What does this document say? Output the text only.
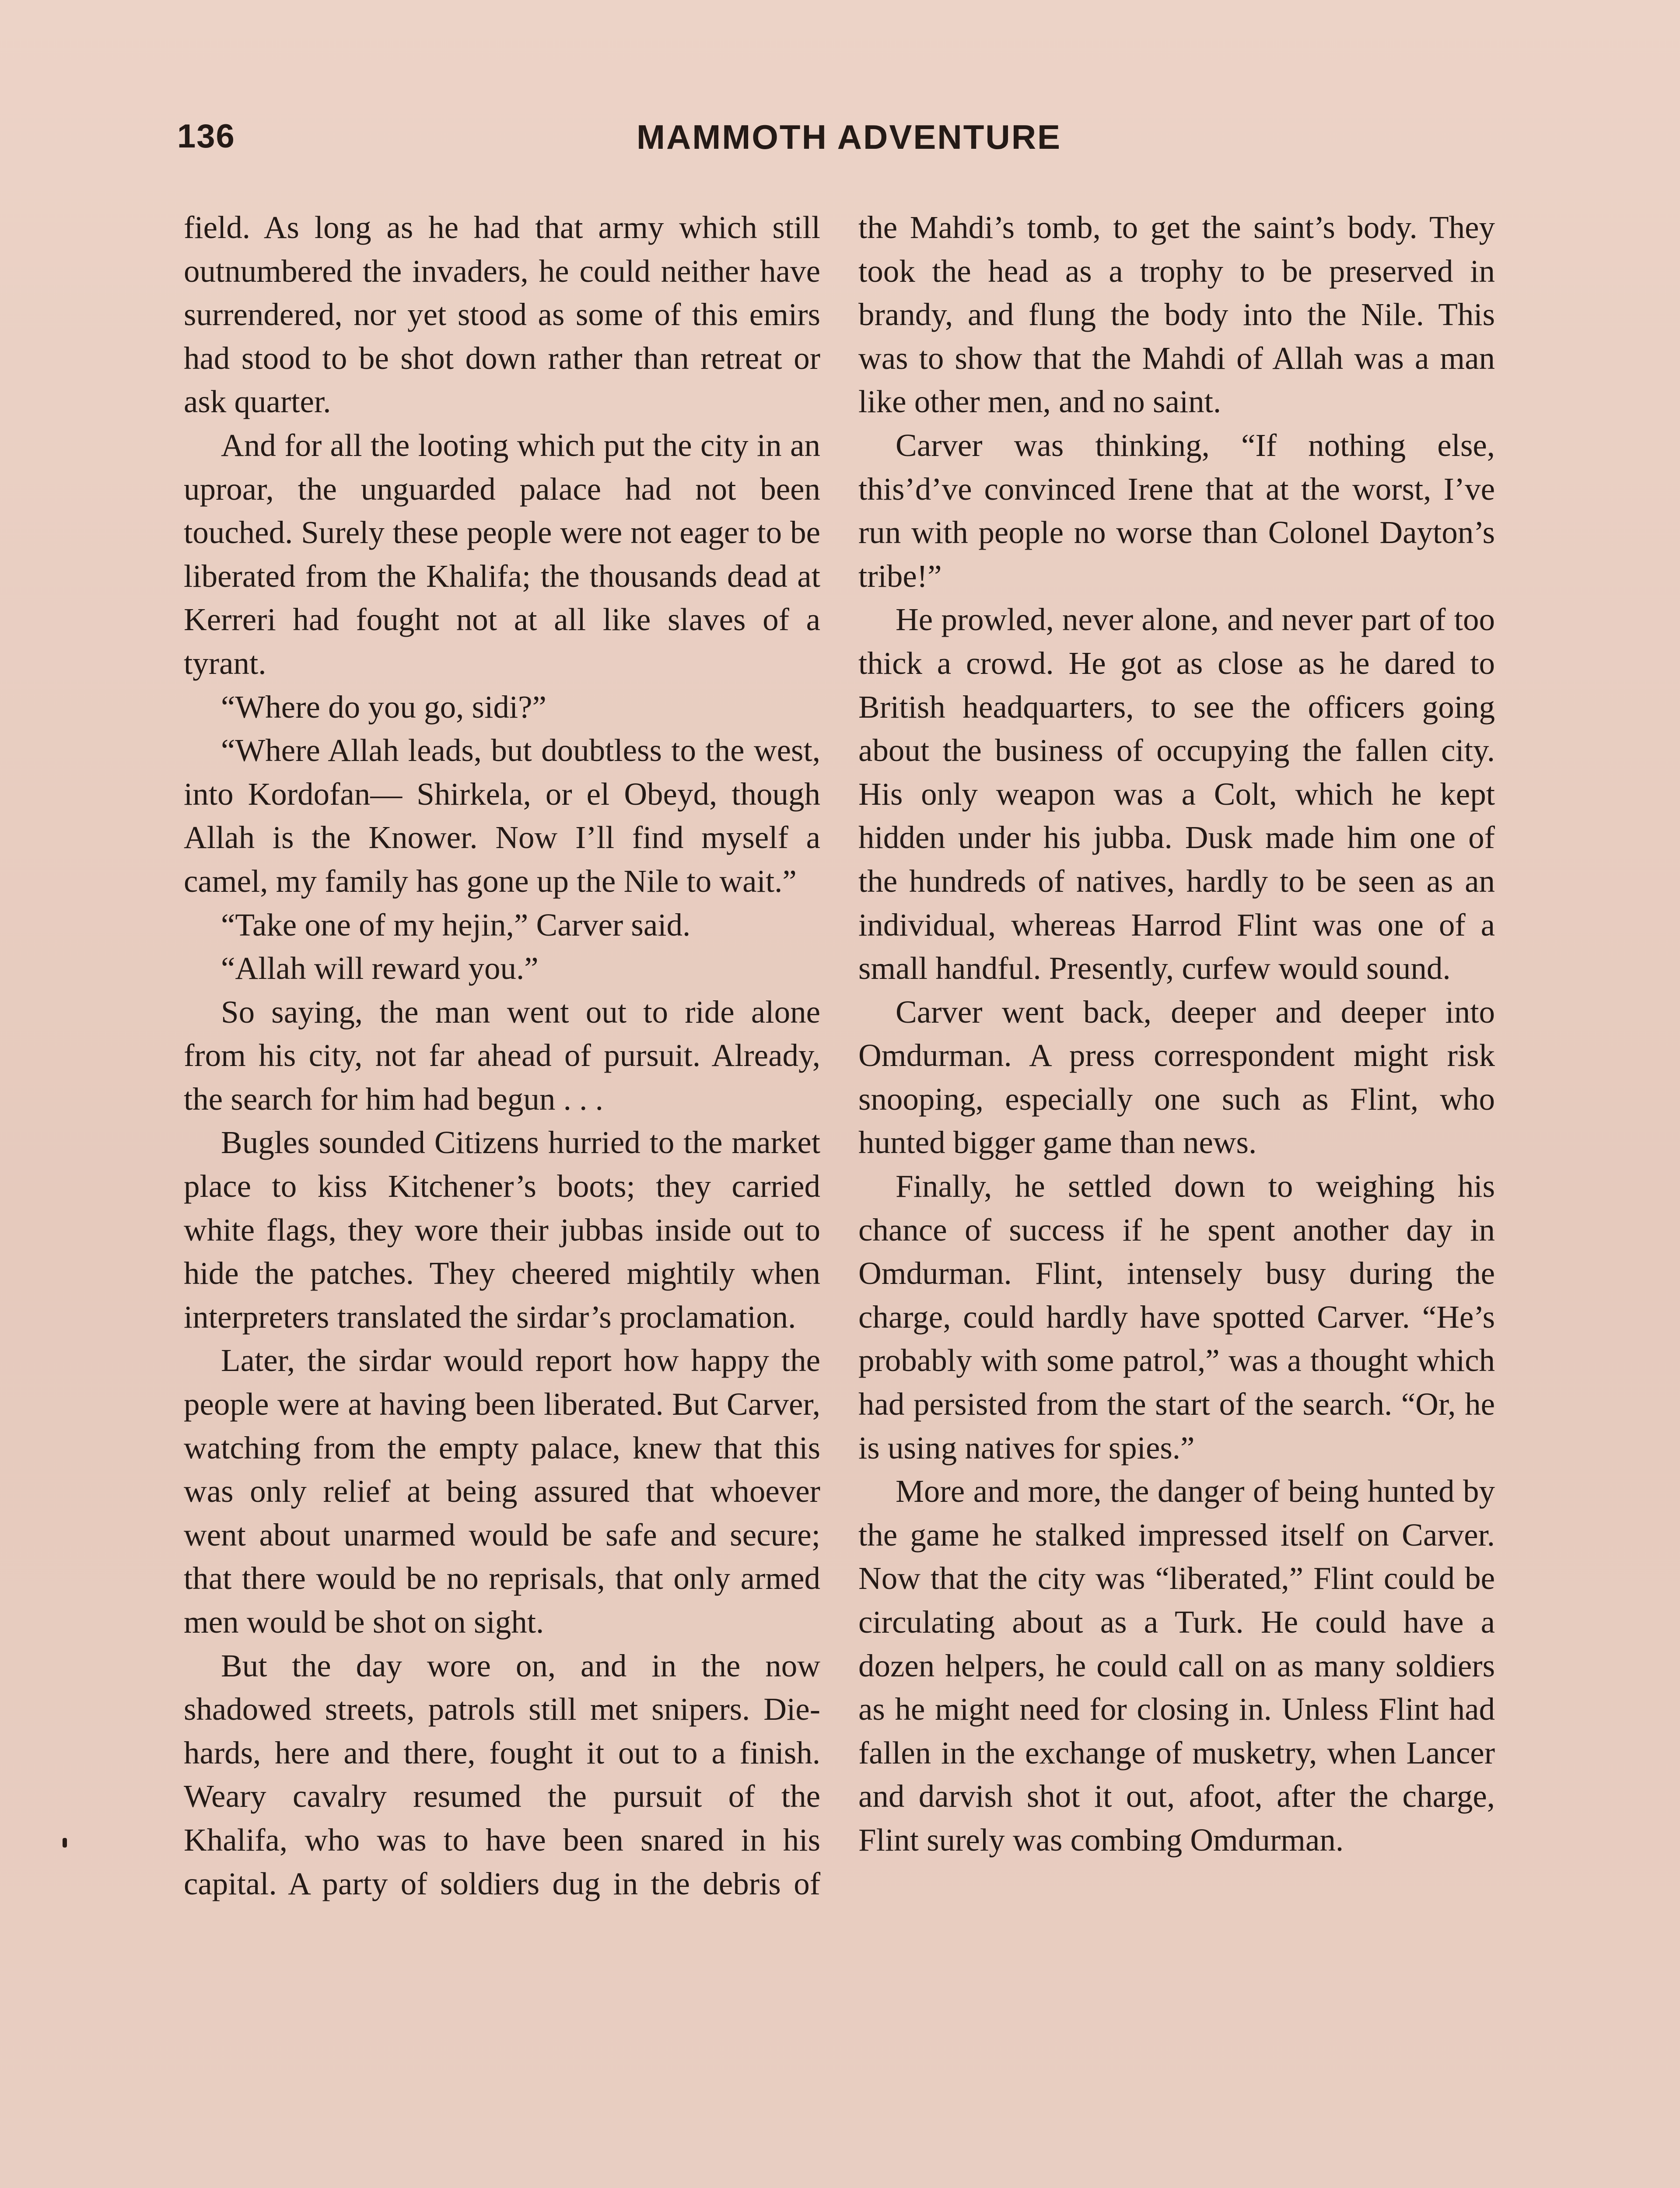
136	MAMMOTH ADVENTURE

field. As long as he had that army which still outnumbered the invaders, he could neither have surrendered, nor yet stood as some of this emirs had stood to be shot down rather than retreat or ask quarter.

And for all the looting which put the city in an uproar, the unguarded palace had not been touched. Surely these people were not eager to be liberated from the Khalifa; the thousands dead at Kerreri had fought not at all like slaves of a tyrant.

“Where do you go, sidi?”

“Where Allah leads, but doubtless to the west, into Kordofan— Shirkela, or el Obeyd, though Allah is the Knower. Now I’ll find myself a camel, my family has gone up the Nile to wait.”

“Take one of my hejin,” Carver said.

“Allah will reward you.”

So saying, the man went out to ride alone from his city, not far ahead of pursuit. Already, the search for him had begun . . .

Bugles sounded Citizens hurried to the market place to kiss Kitchener’s boots; they carried white flags, they wore their jubbas inside out to hide the patches. They cheered mightily when interpreters translated the sirdar’s proclamation.

Later, the sirdar would report how happy the people were at having been liberated. But Carver, watching from the empty palace, knew that this was only relief at being assured that whoever went about unarmed would be safe and secure; that there would be no reprisals, that only armed men would be shot on sight.

But the day wore on, and in the now shadowed streets, patrols still met snipers. Die-hards, here and there, fought it out to a finish. Weary cavalry resumed the pursuit of the Khalifa, who was to have been snared in his capital. A party of soldiers dug in the debris of

the Mahdi’s tomb, to get the saint’s body. They took the head as a trophy to be preserved in brandy, and flung the body into the Nile. This was to show that the Mahdi of Allah was a man like other men, and no saint.

Carver was thinking, “If nothing else, this’d’ve convinced Irene that at the worst, I’ve run with people no worse than Colonel Dayton’s tribe!”

He prowled, never alone, and never part of too thick a crowd. He got as close as he dared to British headquarters, to see the officers going about the business of occupying the fallen city. His only weapon was a Colt, which he kept hidden under his jubba. Dusk made him one of the hundreds of natives, hardly to be seen as an individual, whereas Harrod Flint was one of a small handful. Presently, curfew would sound.

Carver went back, deeper and deeper into Omdurman. A press correspondent might risk snooping, especially one such as Flint, who hunted bigger game than news.

Finally, he settled down to weighing his chance of success if he spent another day in Omdurman. Flint, intensely busy during the charge, could hardly have spotted Carver. “He’s probably with some patrol,” was a thought which had persisted from the start of the search. “Or, he is using natives for spies.”

More and more, the danger of being hunted by the game he stalked impressed itself on Carver. Now that the city was “liberated,” Flint could be circulating about as a Turk. He could have a dozen helpers, he could call on as many soldiers as he might need for closing in. Unless Flint had fallen in the exchange of musketry, when Lancer and darvish shot it out, afoot, after the charge, Flint surely was combing Omdurman.
